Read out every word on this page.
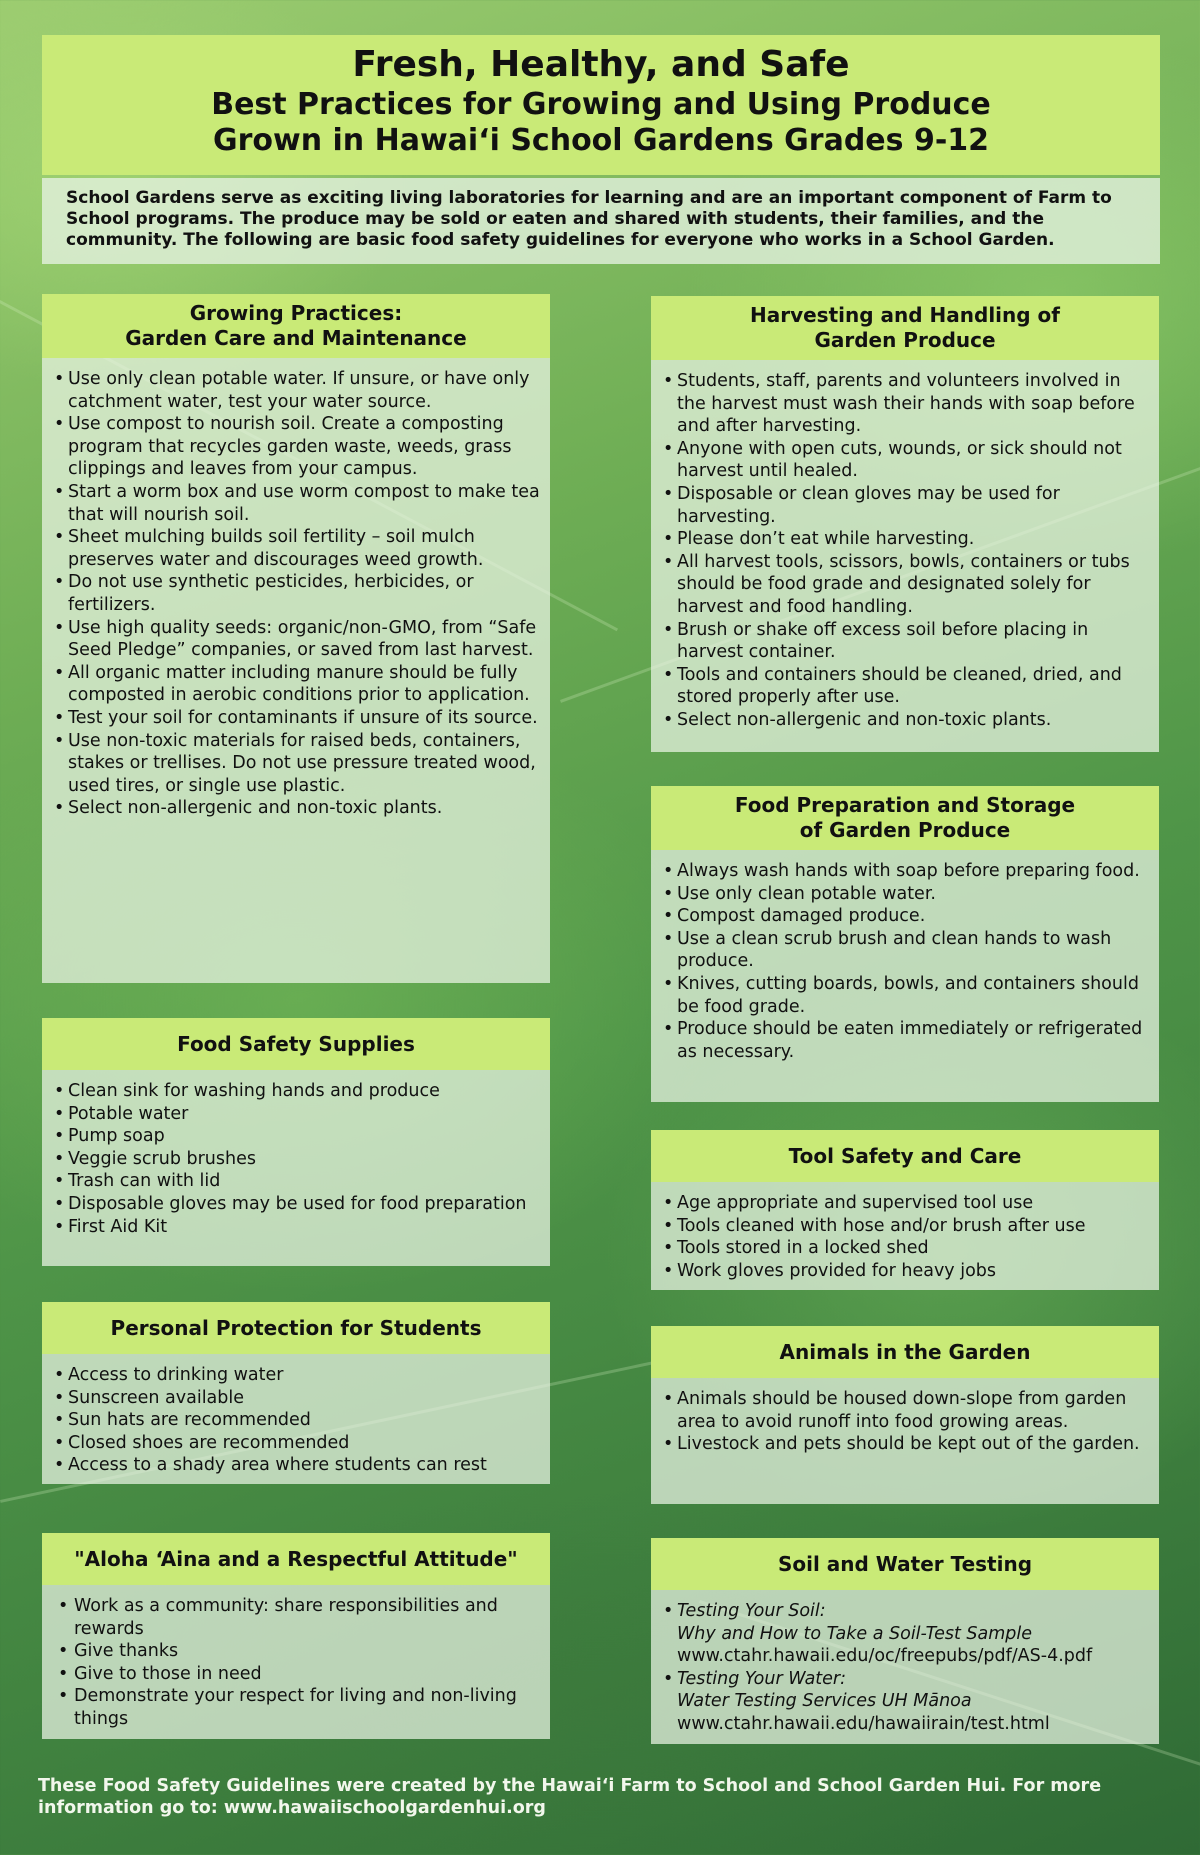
Fresh, Healthy, and Safe
Best Practices for Growing and Using Produce
Grown in Hawai‘i School Gardens Grades 9-12
School Gardens serve as exciting living laboratories for learning and are an important component of Farm to School programs. The produce may be sold or eaten and shared with students, their families, and the community. The following are basic food safety guidelines for everyone who works in a School Garden.
Growing Practices:
Garden Care and Maintenance
• Use only clean potable water. If unsure, or have only catchment water, test your water source.
• Use compost to nourish soil. Create a composting program that recycles garden waste, weeds, grass clippings and leaves from your campus.
• Start a worm box and use worm compost to make tea that will nourish soil.
• Sheet mulching builds soil fertility – soil mulch preserves water and discourages weed growth.
• Do not use synthetic pesticides, herbicides, or fertilizers.
• Use high quality seeds: organic/non-GMO, from “Safe Seed Pledge” companies, or saved from last harvest.
• All organic matter including manure should be fully composted in aerobic conditions prior to application.
• Test your soil for contaminants if unsure of its source.
• Use non-toxic materials for raised beds, containers, stakes or trellises. Do not use pressure treated wood, used tires, or single use plastic.
• Select non-allergenic and non-toxic plants.
Food Safety Supplies
• Clean sink for washing hands and produce
• Potable water
• Pump soap
• Veggie scrub brushes
• Trash can with lid
• Disposable gloves may be used for food preparation
• First Aid Kit
Personal Protection for Students
• Access to drinking water
• Sunscreen available
• Sun hats are recommended
• Closed shoes are recommended
• Access to a shady area where students can rest
"Aloha ‘Aina and a Respectful Attitude"
• Work as a community: share responsibilities and rewards
• Give thanks
• Give to those in need
• Demonstrate your respect for living and non-living things
Harvesting and Handling of
Garden Produce
• Students, staff, parents and volunteers involved in the harvest must wash their hands with soap before and after harvesting.
• Anyone with open cuts, wounds, or sick should not harvest until healed.
• Disposable or clean gloves may be used for harvesting.
• Please don’t eat while harvesting.
• All harvest tools, scissors, bowls, containers or tubs should be food grade and designated solely for harvest and food handling.
• Brush or shake off excess soil before placing in harvest container.
• Tools and containers should be cleaned, dried, and stored properly after use.
• Select non-allergenic and non-toxic plants.
Food Preparation and Storage
of Garden Produce
• Always wash hands with soap before preparing food.
• Use only clean potable water.
• Compost damaged produce.
• Use a clean scrub brush and clean hands to wash produce.
• Knives, cutting boards, bowls, and containers should be food grade.
• Produce should be eaten immediately or refrigerated as necessary.
Tool Safety and Care
• Age appropriate and supervised tool use
• Tools cleaned with hose and/or brush after use
• Tools stored in a locked shed
• Work gloves provided for heavy jobs
Animals in the Garden
• Animals should be housed down-slope from garden area to avoid runoff into food growing areas.
• Livestock and pets should be kept out of the garden.
Soil and Water Testing
• Testing Your Soil:
Why and How to Take a Soil-Test Sample
www.ctahr.hawaii.edu/oc/freepubs/pdf/AS-4.pdf
• Testing Your Water:
Water Testing Services UH Mānoa
www.ctahr.hawaii.edu/hawaiirain/test.html
These Food Safety Guidelines were created by the Hawai‘i Farm to School and School Garden Hui. For more information go to: www.hawaiischoolgardenhui.org
